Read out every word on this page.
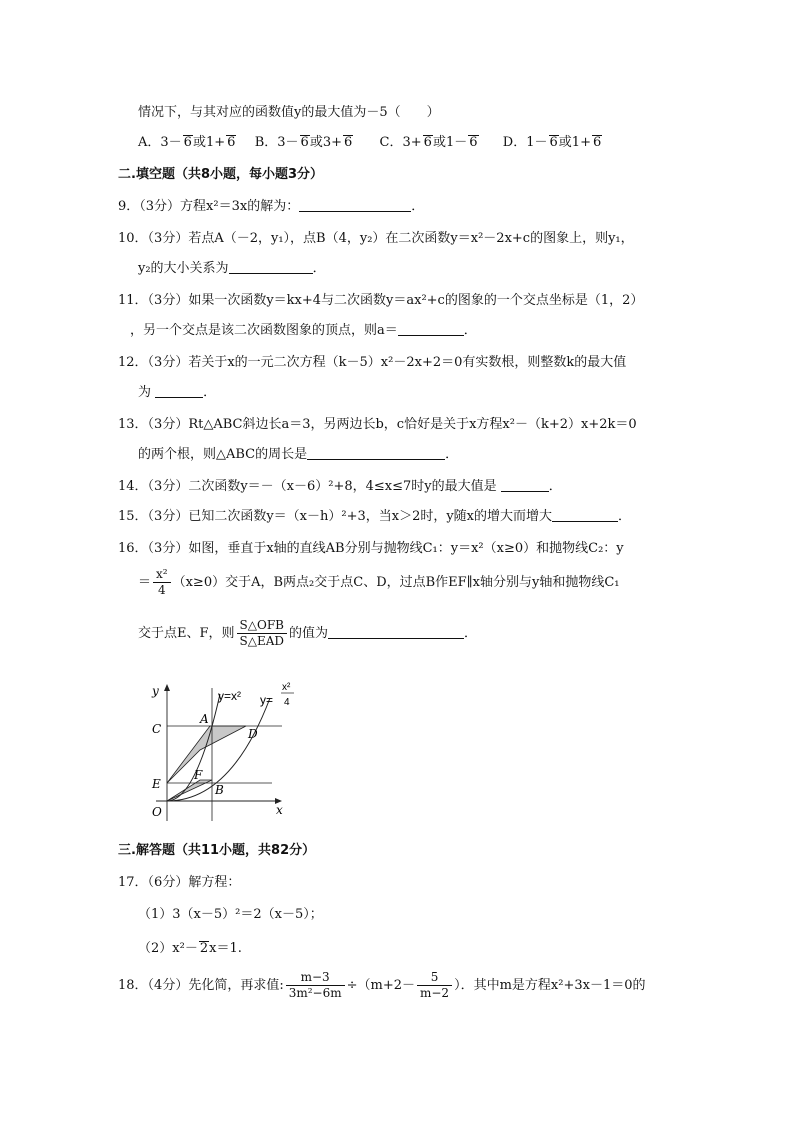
情况下，与其对应的函数值y的最大值为－5（　　）
A．3－ 6或1+ 6 B．3－ 6或3+ 6 C．3+ 6或1－ 6 D．1－ 6或1+ 6
二.填空题（共8小题，每小题3分）
9．（3分）方程x²＝3x的解为：	．
10．（3分）若点A（－2，y₁），点B（4，y₂）在二次函数y＝x²－2x+c的图象上，则y₁，
y₂的大小关系为	．
11．（3分）如果一次函数y＝kx+4与二次函数y＝ax²+c的图象的一个交点坐标是（1，2）
，另一个交点是该二次函数图象的顶点，则a＝	．
12．（3分）若关于x的一元二次方程（k－5）x²－2x+2＝0有实数根，则整数k的最大值
为	．
13．（3分）Rt△ABC斜边长a＝3，另两边长b，c恰好是关于x方程x²－（k+2）x+2k＝0
的两个根，则△ABC的周长是	．
14．（3分）二次函数y＝－（x－6）²+8，4≤x≤7时y的最大值是	．
15．（3分）已知二次函数y＝（x－h）²+3，当x＞2时，y随x的增大而增大	．
16．（3分）如图，垂直于x轴的直线AB分别与抛物线C₁：y＝x²（x≥0）和抛物线C₂：y
＝ $\frac{\text{x²}}{4} (x\ge 0)$交于A，B两点₂交于点C、D，过点B作EF∥x轴分别与y轴和抛物线C₁
交于点E、F，则 $\frac{\text{S△OFB}}{\text{S△EAD}}$ 的值为	．
y
x
O
A
B
C	D
E
F
y=x² y=
x²
4
三.解答题（共11小题，共82分）
17．（6分）解方程：
（1）3（x－5）²＝2（x－5）；
（2）x²－ 2x＝1.
18．（4分）先化简，再求值: $\frac{m-3}{\text{3m²−6m}} \div(m+2- \frac{5}{m-2}$ ）．其中m是方程x²+3x－1＝0的
